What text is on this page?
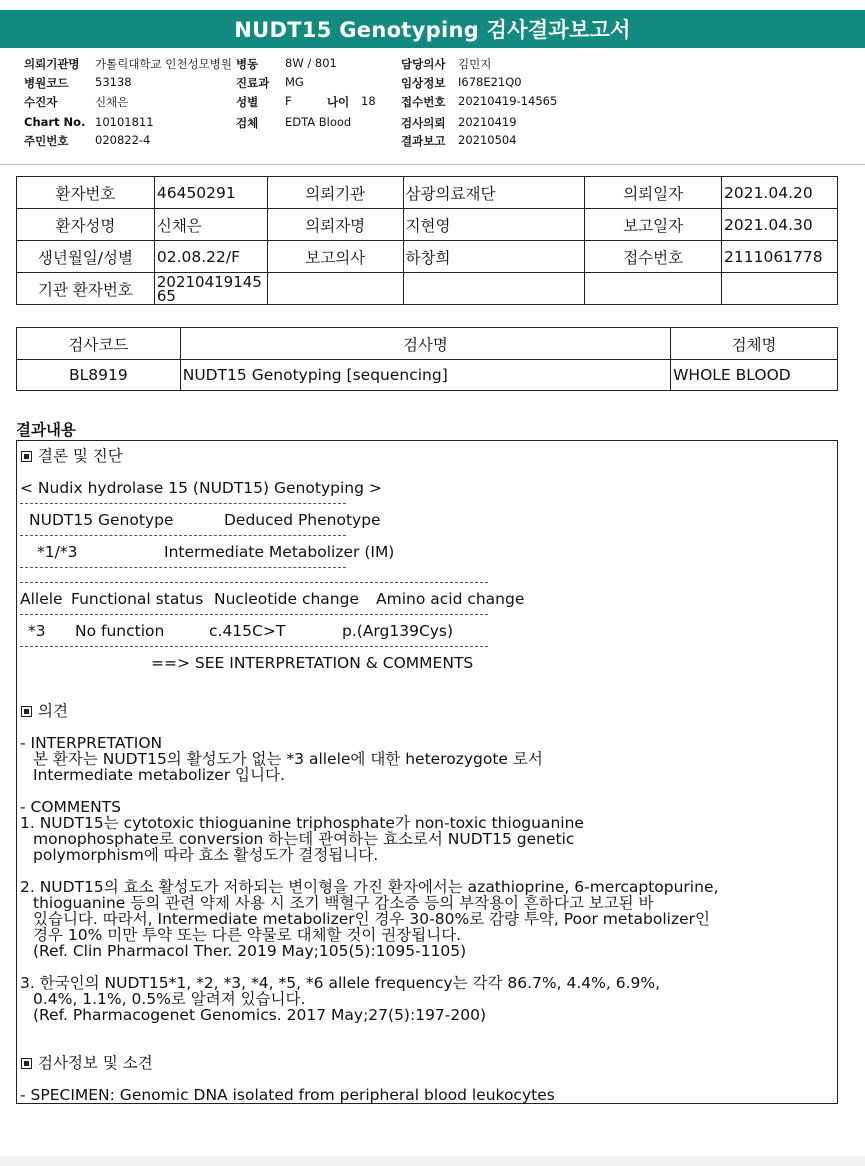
NUDT15 Genotyping 검사결과보고서
의뢰기관명 가톨릭대학교 인천성모병원 병동 8W / 801	담당의사 김민지
병원코드 53138	진료과 MG	임상정보 I678E21Q0
수진자	신채은	성별 F	나이 18 접수번호 20210419-14565
Chart No. 10101811	검체 EDTA Blood	검사의뢰 20210419
주민번호 020822-4	결과보고 20210504
환자번호	46450291	의뢰기관	삼광의료재단	의뢰일자	2021.04.20
환자성명	신채은	의뢰자명	지현영	보고일자	2021.04.30
생년월일/성별	02.08.22/F	보고의사	하창희	접수번호	2111061778
기관 환자번호	20210419145
65				

검사코드	검사명	검체명
BL8919	NUDT15 Genotyping [sequencing]	WHOLE BLOOD
결과내용
결론 및 진단
< Nudix hydrolase 15 (NUDT15) Genotyping >
NUDT15 Genotype	Deduced Phenotype
*1/*3	Intermediate Metabolizer (IM)
Allele Functional status Nucleotide change Amino acid change
*3 No function	c.415C>T	p.(Arg139Cys)
==> SEE INTERPRETATION & COMMENTS
의견
- INTERPRETATION
본 환자는 NUDT15의 활성도가 없는 *3 allele에 대한 heterozygote 로서
Intermediate metabolizer 입니다.
- COMMENTS
1. NUDT15는 cytotoxic thioguanine triphosphate가 non-toxic thioguanine
monophosphate로 conversion 하는데 관여하는 효소로서 NUDT15 genetic
polymorphism에 따라 효소 활성도가 결정됩니다.
2. NUDT15의 효소 활성도가 저하되는 변이형을 가진 환자에서는 azathioprine, 6-mercaptopurine,
thioguanine 등의 관련 약제 사용 시 조기 백혈구 감소증 등의 부작용이 흔하다고 보고된 바
있습니다. 따라서, Intermediate metabolizer인 경우 30-80%로 감량 투약, Poor metabolizer인
경우 10% 미만 투약 또는 다른 약물로 대체할 것이 권장됩니다.
(Ref. Clin Pharmacol Ther. 2019 May;105(5):1095-1105)
3. 한국인의 NUDT15*1, *2, *3, *4, *5, *6 allele frequency는 각각 86.7%, 4.4%, 6.9%,
0.4%, 1.1%, 0.5%로 알려져 있습니다.
(Ref. Pharmacogenet Genomics. 2017 May;27(5):197-200)
검사정보 및 소견
- SPECIMEN: Genomic DNA isolated from peripheral blood leukocytes
